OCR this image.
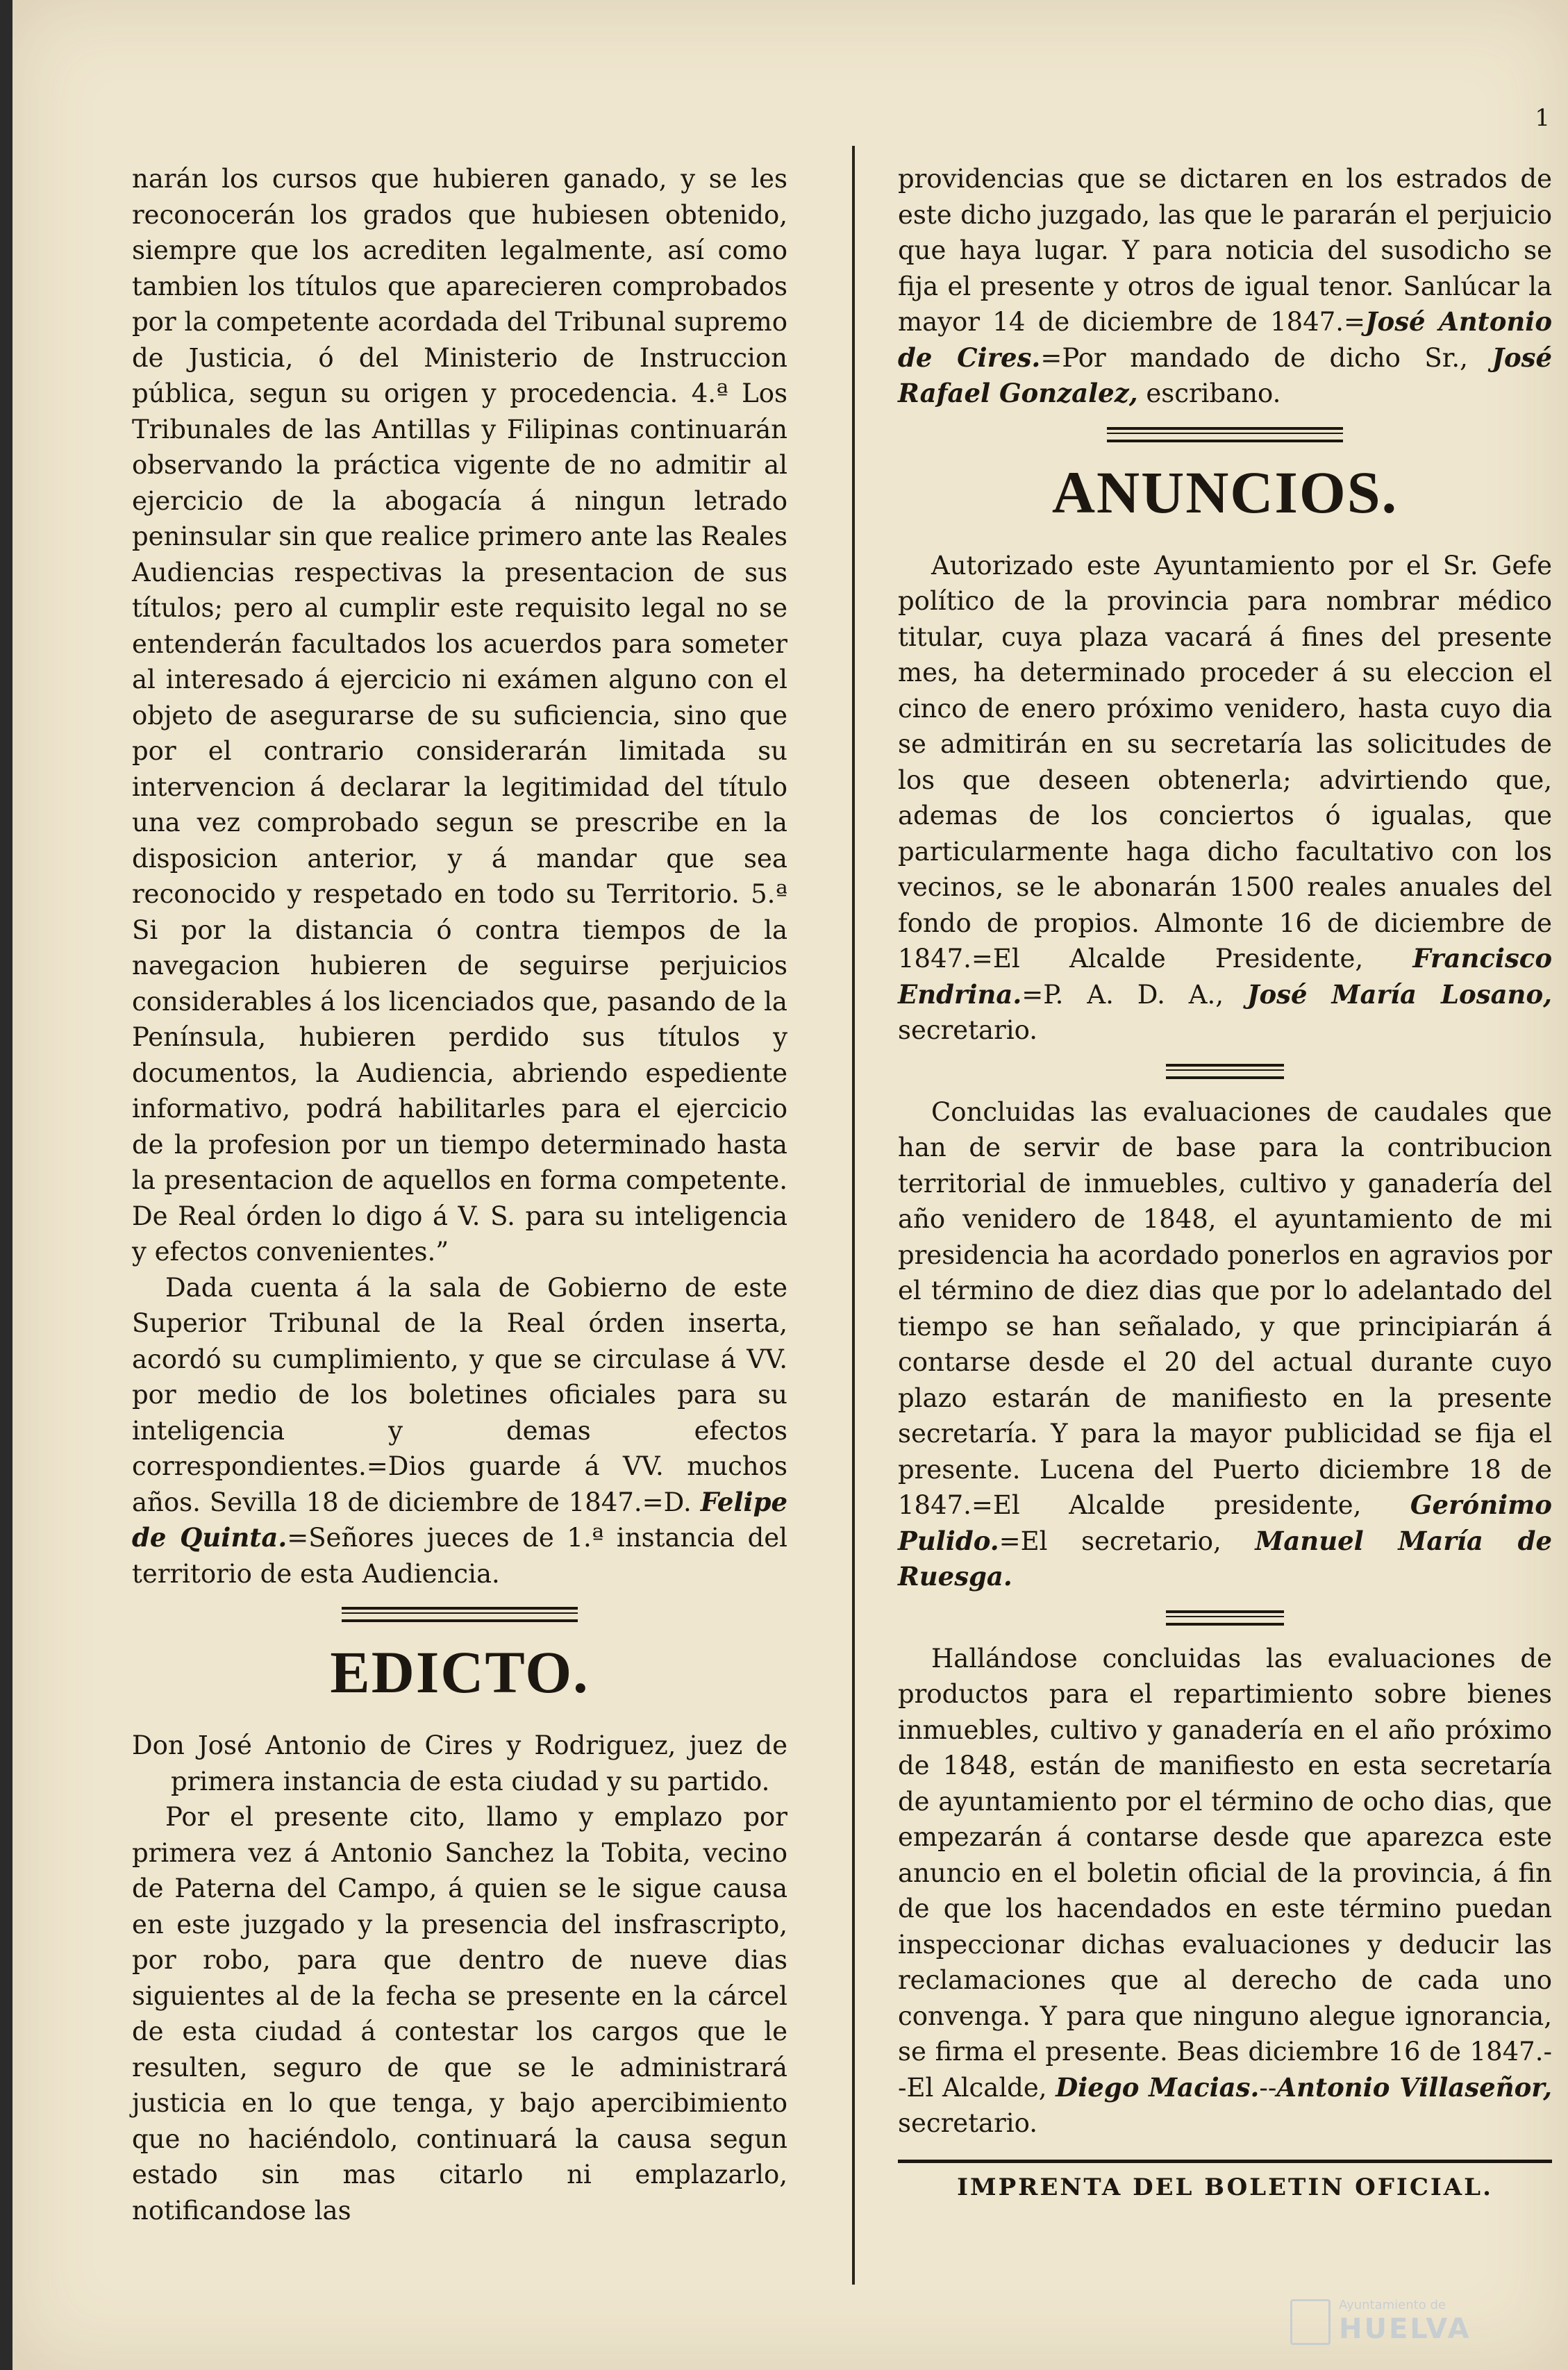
1

narán los cursos que hubieren ganado, y se les reconocerán los grados que hubiesen obtenido, siempre que los acrediten legalmente, así como tambien los títulos que aparecieren comprobados por la competente acordada del Tribunal supremo de Justicia, ó del Ministerio de Instruccion pública, segun su origen y procedencia. 4.ª Los Tribunales de las Antillas y Filipinas continuarán observando la práctica vigente de no admitir al ejercicio de la abogacía á ningun letrado peninsular sin que realice primero ante las Reales Audiencias respectivas la presentacion de sus títulos; pero al cumplir este requisito legal no se entenderán facultados los acuerdos para someter al interesado á ejercicio ni exámen alguno con el objeto de asegurarse de su suficiencia, sino que por el contrario considerarán limitada su intervencion á declarar la legitimidad del título una vez comprobado segun se prescribe en la disposicion anterior, y á mandar que sea reconocido y respetado en todo su Territorio. 5.ª Si por la distancia ó contra tiempos de la navegacion hubieren de seguirse perjuicios considerables á los licenciados que, pasando de la Península, hubieren perdido sus títulos y documentos, la Audiencia, abriendo espediente informativo, podrá habilitarles para el ejercicio de la profesion por un tiempo determinado hasta la presentacion de aquellos en forma competente. De Real órden lo digo á V. S. para su inteligencia y efectos convenientes.”

Dada cuenta á la sala de Gobierno de este Superior Tribunal de la Real órden inserta, acordó su cumplimiento, y que se circulase á VV. por medio de los boletines oficiales para su inteligencia y demas efectos correspondientes.=Dios guarde á VV. muchos años. Sevilla 18 de diciembre de 1847.=D. Felipe de Quinta.=Señores jueces de 1.ª instancia del territorio de esta Audiencia.

EDICTO.

Don José Antonio de Cires y Rodriguez, juez de primera instancia de esta ciudad y su partido.

Por el presente cito, llamo y emplazo por primera vez á Antonio Sanchez la Tobita, vecino de Paterna del Campo, á quien se le sigue causa en este juzgado y la presencia del insfrascripto, por robo, para que dentro de nueve dias siguientes al de la fecha se presente en la cárcel de esta ciudad á contestar los cargos que le resulten, seguro de que se le administrará justicia en lo que tenga, y bajo apercibimiento que no haciéndolo, continuará la causa segun estado sin mas citarlo ni emplazarlo, notificandose las

providencias que se dictaren en los estrados de este dicho juzgado, las que le pararán el perjuicio que haya lugar. Y para noticia del susodicho se fija el presente y otros de igual tenor. Sanlúcar la mayor 14 de diciembre de 1847.=José Antonio de Cires.=Por mandado de dicho Sr., José Rafael Gonzalez, escribano.

ANUNCIOS.

Autorizado este Ayuntamiento por el Sr. Gefe político de la provincia para nombrar médico titular, cuya plaza vacará á fines del presente mes, ha determinado proceder á su eleccion el cinco de enero próximo venidero, hasta cuyo dia se admitirán en su secretaría las solicitudes de los que deseen obtenerla; advirtiendo que, ademas de los conciertos ó igualas, que particularmente haga dicho facultativo con los vecinos, se le abonarán 1500 reales anuales del fondo de propios. Almonte 16 de diciembre de 1847.=El Alcalde Presidente, Francisco Endrina.=P. A. D. A., José María Losano, secretario.

Concluidas las evaluaciones de caudales que han de servir de base para la contribucion territorial de inmuebles, cultivo y ganadería del año venidero de 1848, el ayuntamiento de mi presidencia ha acordado ponerlos en agravios por el término de diez dias que por lo adelantado del tiempo se han señalado, y que principiarán á contarse desde el 20 del actual durante cuyo plazo estarán de manifiesto en la presente secretaría. Y para la mayor publicidad se fija el presente. Lucena del Puerto diciembre 18 de 1847.=El Alcalde presidente, Gerónimo Pulido.=El secretario, Manuel María de Ruesga.

Hallándose concluidas las evaluaciones de productos para el repartimiento sobre bienes inmuebles, cultivo y ganadería en el año próximo de 1848, están de manifiesto en esta secretaría de ayuntamiento por el término de ocho dias, que empezarán á contarse desde que aparezca este anuncio en el boletin oficial de la provincia, á fin de que los hacendados en este término puedan inspeccionar dichas evaluaciones y deducir las reclamaciones que al derecho de cada uno convenga. Y para que ninguno alegue ignorancia, se firma el presente. Beas diciembre 16 de 1847.--El Alcalde, Diego Macias.--Antonio Villaseñor, secretario.

IMPRENTA DEL BOLETIN OFICIAL.
Ayuntamiento de
HUELVA
